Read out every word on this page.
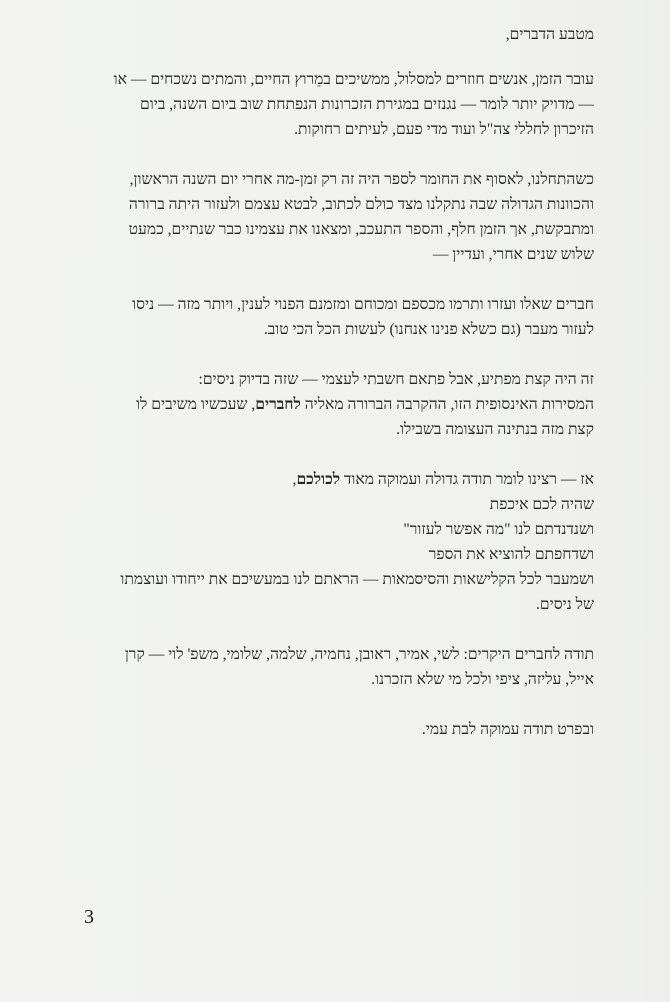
מטבע הדברים,
עובר הזמן, אנשים חוזרים למסלול, ממשיכים במֵרוץ החיים, והמתים נשכחים — או
— מדויק יותר לומר — נגנזים במגירת הזכרונות הנפתחת שוב ביום השנה, ביום
הזיכרון לחללי צה"ל ועוד מדי פעם, לעיתים רחוקות.
כשהתחלנו, לאסוף את החומר לספר היה זה רק זמן-מה אחרי יום השנה הראשון,
והכוונות הגדולה שבה נתקלנו מצד כולם לכתוב, לבטא עצמם ולעזור היתה ברורה
ומתבקשת, אך הזמן חלף, והספר התעכב, ומצאנו את עצמינו כבר שנתיים, כמעט
שלוש שנים אחרי, ועדיין —
חברים שאלו ועזרו ותרמו מכספם ומכוחם ומזמנם הפנוי לענין, ויותר מזה — ניסו
לעזור מעבר (גם כשלא פנינו אנחנו) לעשות הכל הכי טוב.
זה היה קצת מפתיע, אבל פתאם חשבתי לעצמי — שזה בדיוק ניסים:
המסירות האינסופית הזו, ההקרבה הברורה מאליה לחברים, שעכשיו משיבים לו
קצת מזה בנתינה העצומה בשבילו.
אז — רצינו לומר תודה גדולה ועמוקה מאוד לכולכם,
שהיה לכם איכפת
ושנדנדתם לנו "מה אפשר לעזור"
ושדחפתם להוציא את הספר
ושמעבר לכל הקלישאות והסיסמאות — הראתם לנו במעשיכם את ייחודו ועוצמתו
של ניסים.
תודה לחברים היקרים: לשי, אמיר, ראובן, נחמיה, שלמה, שלומי, משפ' לוי — קרן
אייל, עליזה, ציפי ולכל מי שלא הזכרנו.
ובפרט תודה עמוקה לבת עמי.
3
